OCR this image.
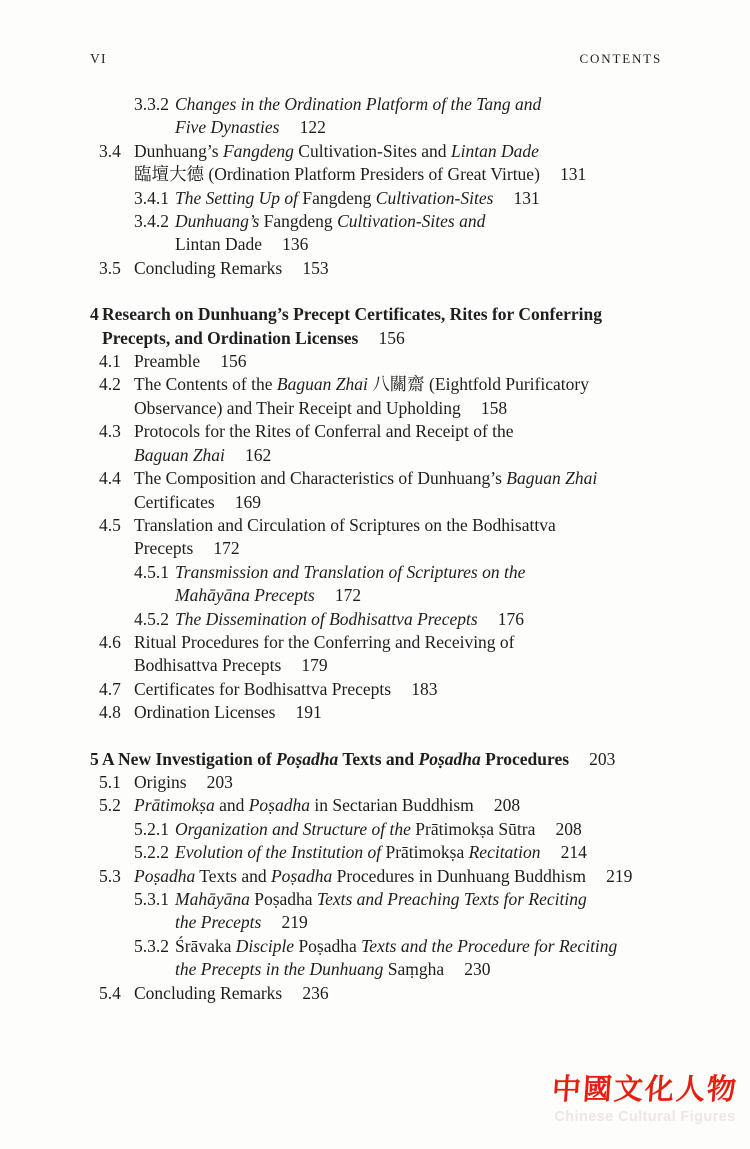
VI	CONTENTS
3.3.2 Changes in the Ordination Platform of the Tang and
Five Dynasties 122
3.4 Dunhuang’s Fangdeng Cultivation-Sites and Lintan Dade
臨壇大德 (Ordination Platform Presiders of Great Virtue) 131
3.4.1 The Setting Up of Fangdeng Cultivation-Sites 131
3.4.2 Dunhuang’s Fangdeng Cultivation-Sites and
Lintan Dade 136
3.5 Concluding Remarks 153
4 Research on Dunhuang’s Precept Certificates, Rites for Conferring
Precepts, and Ordination Licenses 156
4.1 Preamble 156
4.2 The Contents of the Baguan Zhai 八關齋 (Eightfold Purificatory
Observance) and Their Receipt and Upholding 158
4.3 Protocols for the Rites of Conferral and Receipt of the
Baguan Zhai 162
4.4 The Composition and Characteristics of Dunhuang’s Baguan Zhai
Certificates 169
4.5 Translation and Circulation of Scriptures on the Bodhisattva
Precepts 172
4.5.1 Transmission and Translation of Scriptures on the
Mahāyāna Precepts 172
4.5.2 The Dissemination of Bodhisattva Precepts 176
4.6 Ritual Procedures for the Conferring and Receiving of
Bodhisattva Precepts 179
4.7 Certificates for Bodhisattva Precepts 183
4.8 Ordination Licenses 191
5 A New Investigation of Poṣadha Texts and Poṣadha Procedures 203
5.1 Origins 203
5.2 Prātimokṣa and Poṣadha in Sectarian Buddhism 208
5.2.1 Organization and Structure of the Prātimokṣa Sūtra 208
5.2.2 Evolution of the Institution of Prātimokṣa Recitation 214
5.3 Poṣadha Texts and Poṣadha Procedures in Dunhuang Buddhism 219
5.3.1 Mahāyāna Poṣadha Texts and Preaching Texts for Reciting
the Precepts 219
5.3.2 Śrāvaka Disciple Poṣadha Texts and the Procedure for Reciting
the Precepts in the Dunhuang Saṃgha 230
5.4 Concluding Remarks 236
中國文化人物
Chinese Cultural Figures
